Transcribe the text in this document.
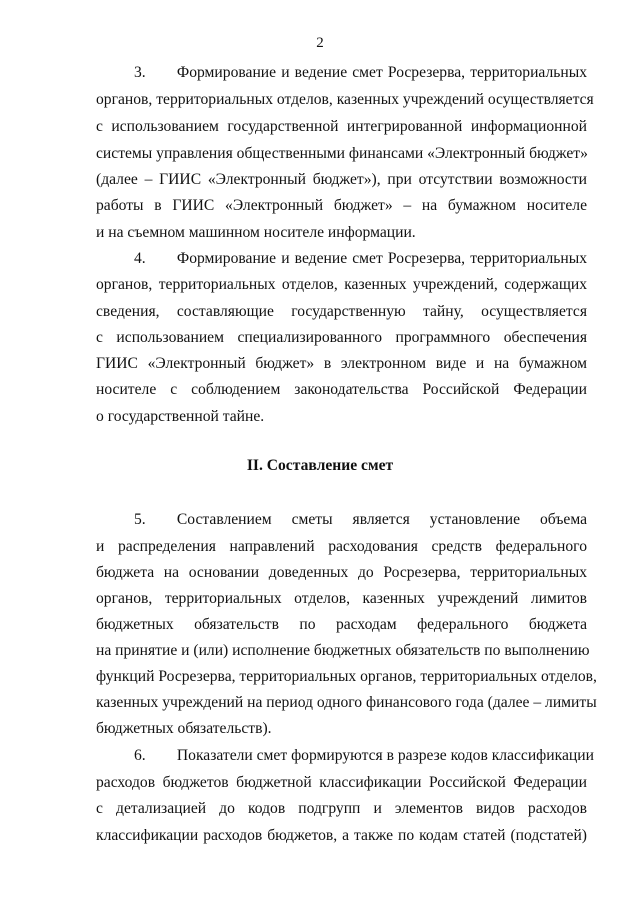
2
3.  Формирование и ведение смет Росрезерва, территориальных
органов, территориальных отделов, казенных учреждений осуществляется
с использованием государственной интегрированной информационной
системы управления общественными финансами «Электронный бюджет»
(далее – ГИИС «Электронный бюджет»), при отсутствии возможности
работы в ГИИС «Электронный бюджет» – на бумажном носителе
и на съемном машинном носителе информации.
4.  Формирование и ведение смет Росрезерва, территориальных
органов, территориальных отделов, казенных учреждений, содержащих
сведения, составляющие государственную тайну, осуществляется
с использованием специализированного программного обеспечения
ГИИС «Электронный бюджет» в электронном виде и на бумажном
носителе с соблюдением законодательства Российской Федерации
о государственной тайне.
II. Составление смет
5.  Составлением сметы является установление объема
и распределения направлений расходования средств федерального
бюджета на основании доведенных до Росрезерва, территориальных
органов, территориальных отделов, казенных учреждений лимитов
бюджетных обязательств по расходам федерального бюджета
на принятие и (или) исполнение бюджетных обязательств по выполнению
функций Росрезерва, территориальных органов, территориальных отделов,
казенных учреждений на период одного финансового года (далее – лимиты
бюджетных обязательств).
6.  Показатели смет формируются в разрезе кодов классификации
расходов бюджетов бюджетной классификации Российской Федерации
с детализацией до кодов подгрупп и элементов видов расходов
классификации расходов бюджетов, а также по кодам статей (подстатей)
